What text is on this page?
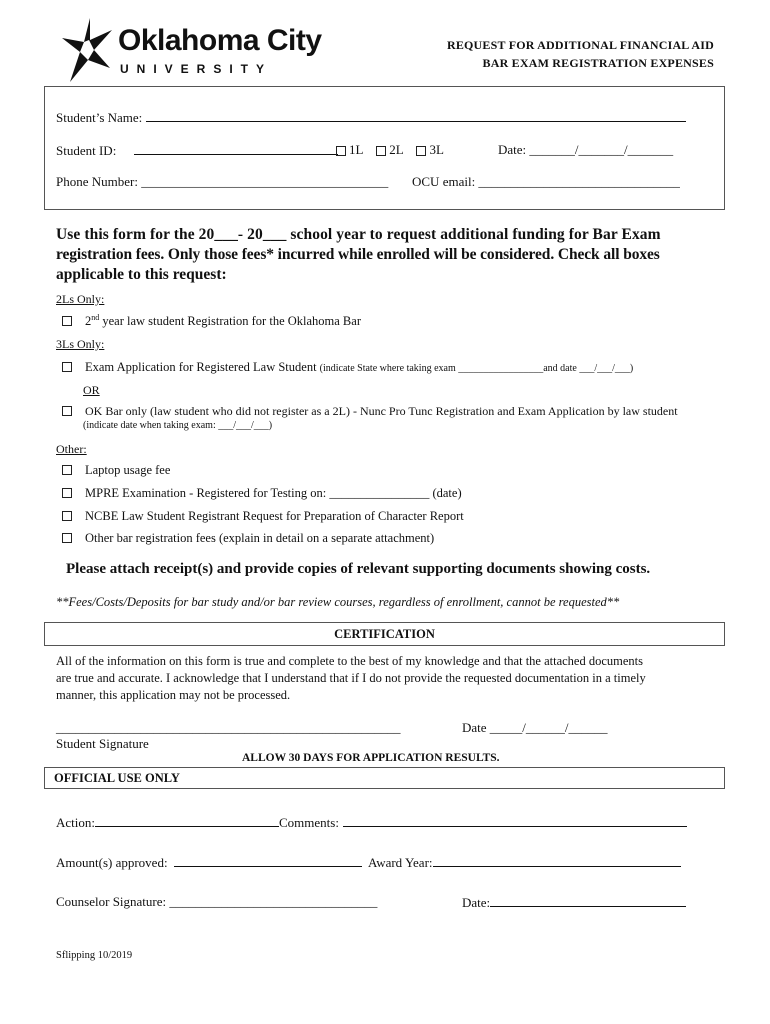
Oklahoma City
UNIVERSITY
REQUEST FOR ADDITIONAL FINANCIAL AID
BAR EXAM REGISTRATION EXPENSES
Student’s Name:
Student ID:	1L 2L 3L	Date: _______/_______/_______
Phone Number: ______________________________________ OCU email: _______________________________
Use this form for the 20___- 20___ school year to request additional funding for Bar Exam
registration fees. Only those fees* incurred while enrolled will be considered. Check all boxes
applicable to this request:
2Ls Only:
2nd year law student Registration for the Oklahoma Bar
3Ls Only:
Exam Application for Registered Law Student (indicate State where taking exam _________________and date ___/___/___)
OR
OK Bar only (law student who did not register as a 2L) - Nunc Pro Tunc Registration and Exam Application by law student
(indicate date when taking exam: ___/___/___)
Other:
Laptop usage fee
MPRE Examination - Registered for Testing on: ________________ (date)
NCBE Law Student Registrant Request for Preparation of Character Report
Other bar registration fees (explain in detail on a separate attachment)
Please attach receipt(s) and provide copies of relevant supporting documents showing costs.
**Fees/Costs/Deposits for bar study and/or bar review courses, regardless of enrollment, cannot be requested**
CERTIFICATION
All of the information on this form is true and complete to the best of my knowledge and that the attached documents
are true and accurate. I acknowledge that I understand that if I do not provide the requested documentation in a timely
manner, this application may not be processed.
_____________________________________________________	Date _____/______/______
Student Signature
ALLOW 30 DAYS FOR APPLICATION RESULTS.
OFFICIAL USE ONLY
Action:	Comments:
Amount(s) approved:	Award Year:
Counselor Signature: ________________________________	Date:
Sflipping 10/2019
